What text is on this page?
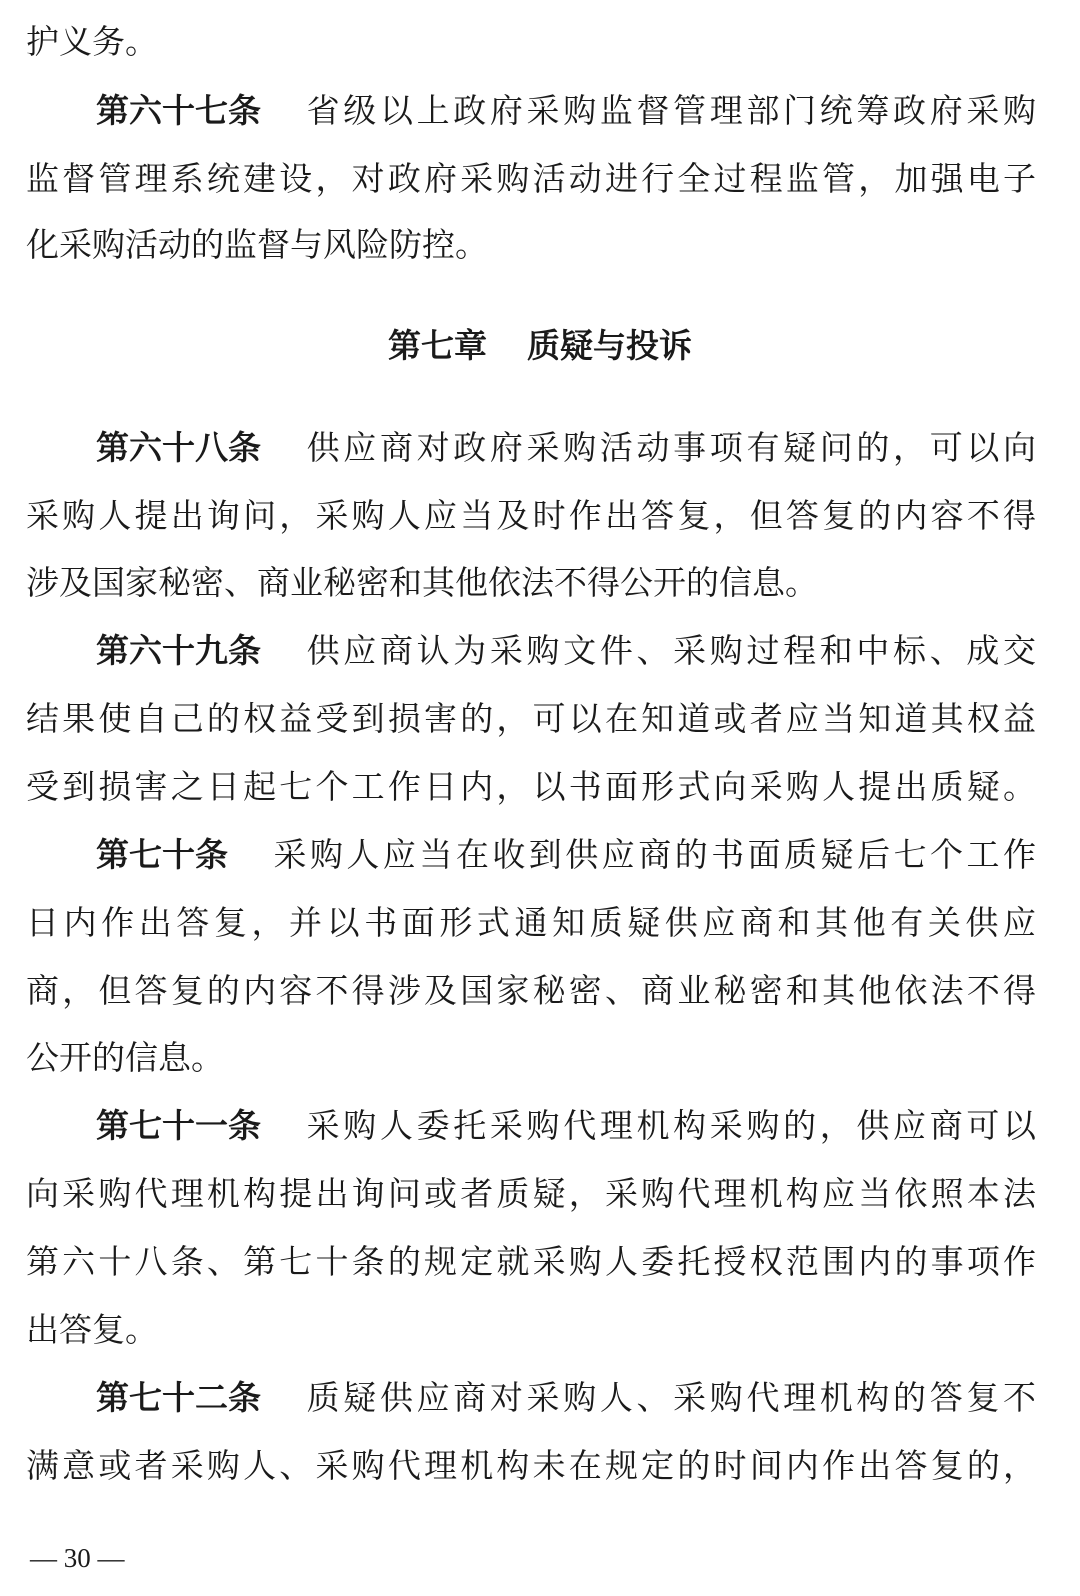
护义务。
第六十七条 省级以上政府采购监督管理部门统筹政府采购
监督管理系统建设，对政府采购活动进行全过程监管，加强电子
化采购活动的监督与风险防控。
第七章 质疑与投诉
第六十八条 供应商对政府采购活动事项有疑问的，可以向
采购人提出询问，采购人应当及时作出答复，但答复的内容不得
涉及国家秘密、商业秘密和其他依法不得公开的信息。
第六十九条 供应商认为采购文件、采购过程和中标、成交
结果使自己的权益受到损害的，可以在知道或者应当知道其权益
受到损害之日起七个工作日内，以书面形式向采购人提出质疑。
第七十条 采购人应当在收到供应商的书面质疑后七个工作
日内作出答复，并以书面形式通知质疑供应商和其他有关供应
商，但答复的内容不得涉及国家秘密、商业秘密和其他依法不得
公开的信息。
第七十一条 采购人委托采购代理机构采购的，供应商可以
向采购代理机构提出询问或者质疑，采购代理机构应当依照本法
第六十八条、第七十条的规定就采购人委托授权范围内的事项作
出答复。
第七十二条 质疑供应商对采购人、采购代理机构的答复不
满意或者采购人、采购代理机构未在规定的时间内作出答复的，
— 30 —
